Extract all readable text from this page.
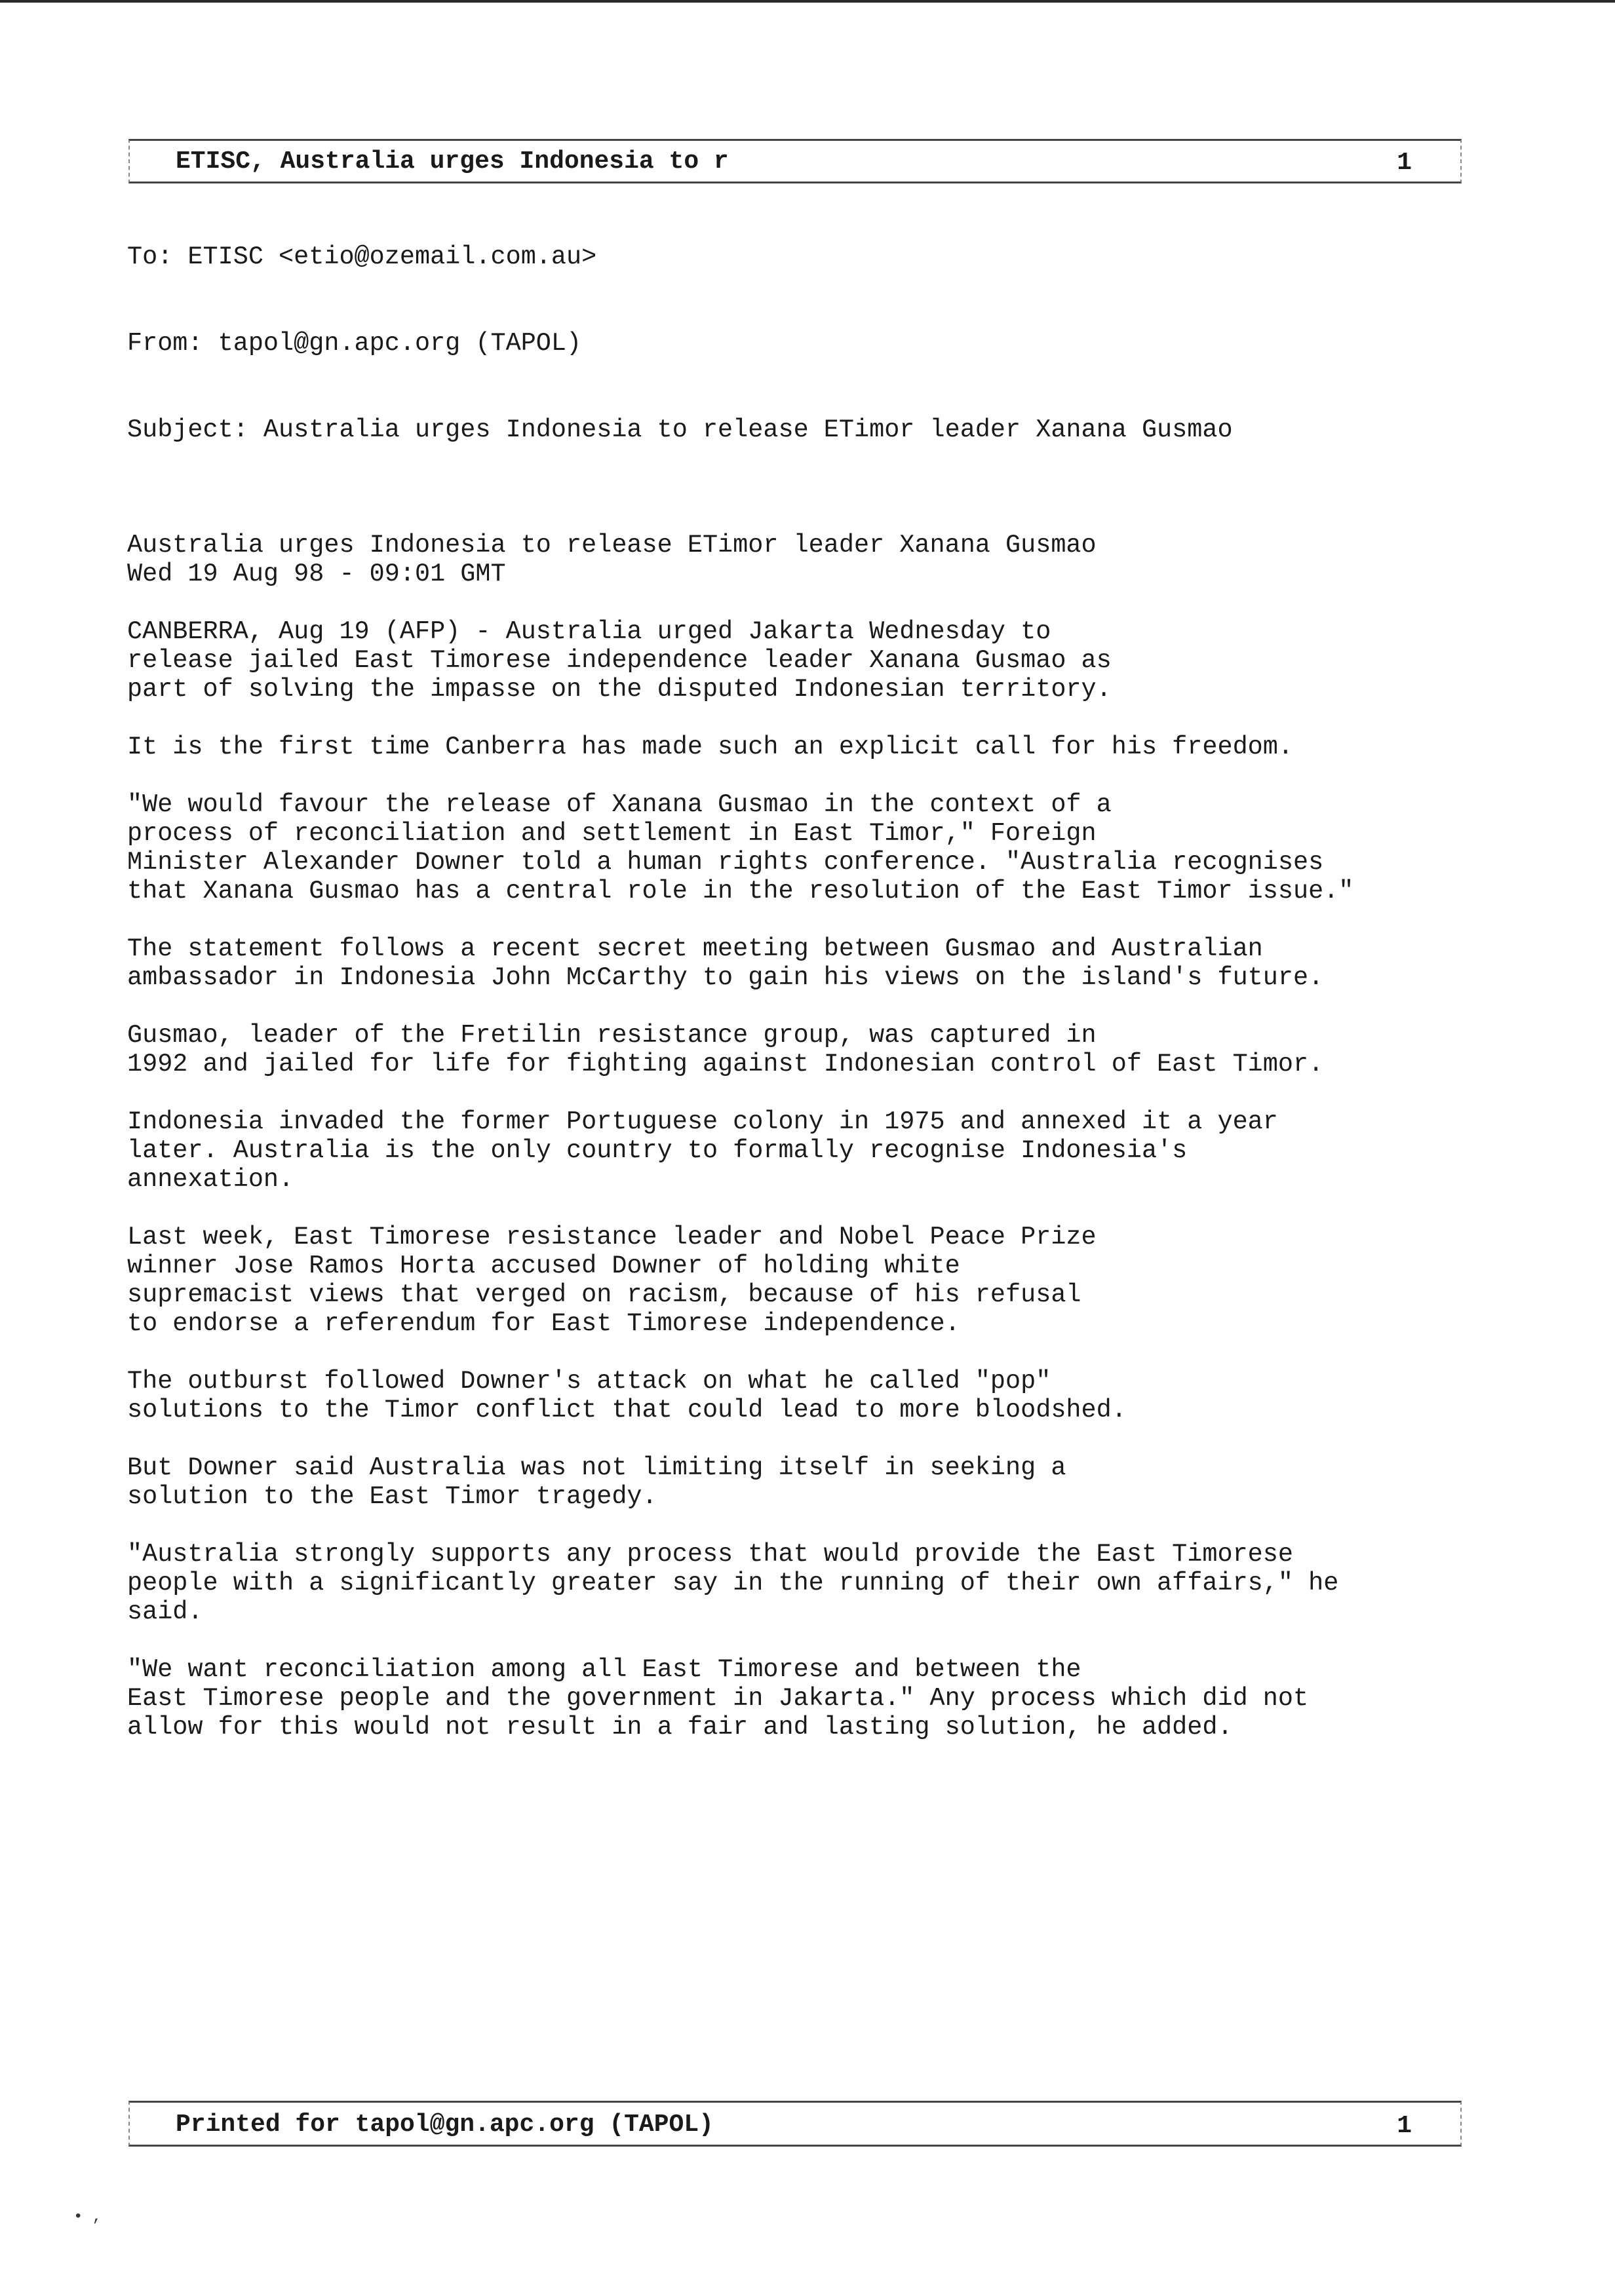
ETISC, Australia urges Indonesia to r	1

To: ETISC <etio@ozemail.com.au>

From: tapol@gn.apc.org (TAPOL)

Subject: Australia urges Indonesia to release ETimor leader Xanana Gusmao

Australia urges Indonesia to release ETimor leader Xanana Gusmao
Wed 19 Aug 98 - 09:01 GMT
CANBERRA, Aug 19 (AFP) - Australia urged Jakarta Wednesday to
release jailed East Timorese independence leader Xanana Gusmao as
part of solving the impasse on the disputed Indonesian territory.
It is the first time Canberra has made such an explicit call for his freedom.
"We would favour the release of Xanana Gusmao in the context of a
process of reconciliation and settlement in East Timor," Foreign
Minister Alexander Downer told a human rights conference. "Australia recognises
that Xanana Gusmao has a central role in the resolution of the East Timor issue."
The statement follows a recent secret meeting between Gusmao and Australian
ambassador in Indonesia John McCarthy to gain his views on the island's future.
Gusmao, leader of the Fretilin resistance group, was captured in
1992 and jailed for life for fighting against Indonesian control of East Timor.
Indonesia invaded the former Portuguese colony in 1975 and annexed it a year
later. Australia is the only country to formally recognise Indonesia's
annexation.
Last week, East Timorese resistance leader and Nobel Peace Prize
winner Jose Ramos Horta accused Downer of holding white
supremacist views that verged on racism, because of his refusal
to endorse a referendum for East Timorese independence.
The outburst followed Downer's attack on what he called "pop"
solutions to the Timor conflict that could lead to more bloodshed.
But Downer said Australia was not limiting itself in seeking a
solution to the East Timor tragedy.
"Australia strongly supports any process that would provide the East Timorese
people with a significantly greater say in the running of their own affairs," he
said.
"We want reconciliation among all East Timorese and between the
East Timorese people and the government in Jakarta." Any process which did not
allow for this would not result in a fair and lasting solution, he added.

Printed for tapol@gn.apc.org (TAPOL)	1
• ,
